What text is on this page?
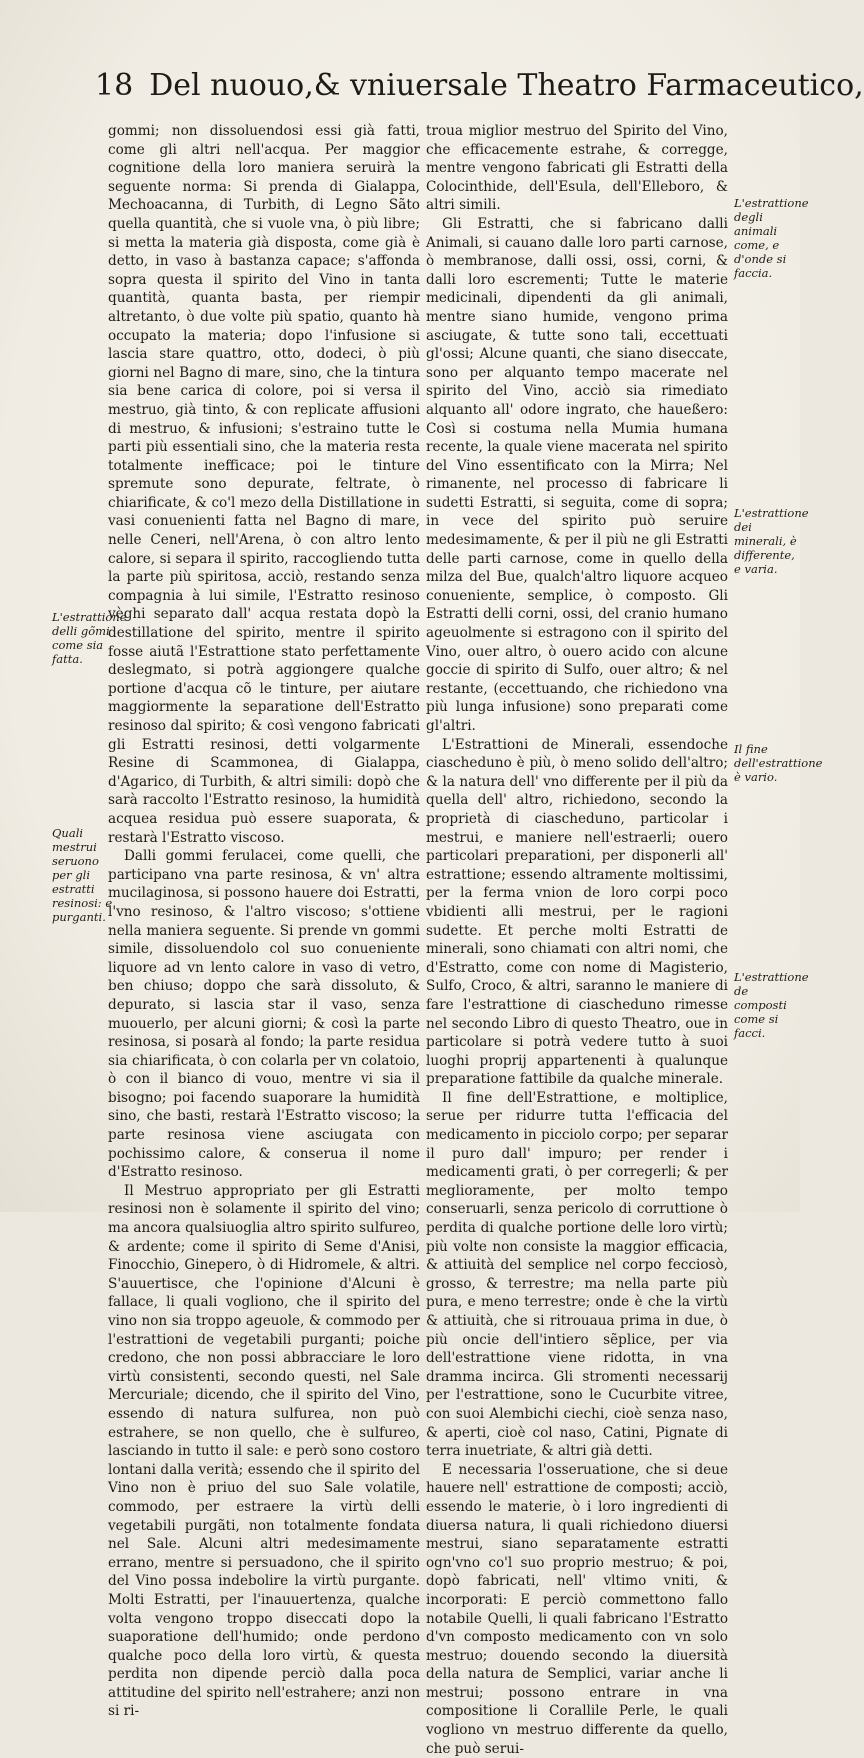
18 Del nuouo,& vniuersale Theatro Farmaceutico,

gommi; non dissoluendosi essi già fatti, come gli altri nell'acqua. Per maggior cognitione della loro maniera seruirà la seguente norma: Si prenda di Gialappa, Mechoacanna, di Turbith, di Legno Sãto quella quantità, che si vuole vna, ò più libre; si metta la materia già disposta, come già è detto, in vaso à bastanza capace; s'affonda sopra questa il spirito del Vino in tanta quantità, quanta basta, per riempir altretanto, ò due volte più spatio, quanto hà occupato la materia; dopo l'infusione si lascia stare quattro, otto, dodeci, ò più giorni nel Bagno di mare, sino, che la tintura sia bene carica di colore, poi si versa il mestruo, già tinto, & con replicate affusioni di mestruo, & infusioni; s'estraino tutte le parti più essentiali sino, che la materia resta totalmente inefficace; poi le tinture spremute sono depurate, feltrate, ò chiarificate, & co'l mezo della Distillatione in vasi conuenienti fatta nel Bagno di mare, nelle Ceneri, nell'Arena, ò con altro lento calore, si separa il spirito, raccogliendo tutta la parte più spiritosa, acciò, restando senza compagnia à lui simile, l'Estratto resinoso vèghi separato dall' acqua restata dopò la destillatione del spirito, mentre il spirito fosse aiutã l'Estrattione stato perfettamente deslegmato, si potrà aggiongere qualche portione d'acqua cõ le tinture, per aiutare maggiormente la separatione dell'Estratto resinoso dal spirito; & così vengono fabricati gli Estratti resinosi, detti volgarmente Resine di Scammonea, di Gialappa, d'Agarico, di Turbith, & altri simili: dopò che sarà raccolto l'Estratto resinoso, la humidità acquea residua può essere suaporata, & restarà l'Estratto viscoso.

Dalli gommi ferulacei, come quelli, che participano vna parte resinosa, & vn' altra mucilaginosa, si possono hauere doi Estratti, l'vno resinoso, & l'altro viscoso; s'ottiene nella maniera seguente. Si prende vn gommi simile, dissoluendolo col suo conueniente liquore ad vn lento calore in vaso di vetro, ben chiuso; doppo che sarà dissoluto, & depurato, si lascia star il vaso, senza muouerlo, per alcuni giorni; & così la parte resinosa, si posarà al fondo; la parte residua sia chiarificata, ò con colarla per vn colatoio, ò con il bianco di vouo, mentre vi sia il bisogno; poi facendo suaporare la humidità sino, che basti, restarà l'Estratto viscoso; la parte resinosa viene asciugata con pochissimo calore, & conserua il nome d'Estratto resinoso.

Il Mestruo appropriato per gli Estratti resinosi non è solamente il spirito del vino; ma ancora qualsiuoglia altro spirito sulfureo, & ardente; come il spirito di Seme d'Anisi, Finocchio, Ginepero, ò di Hidromele, & altri. S'auuertisce, che l'opinione d'Alcuni è fallace, li quali vogliono, che il spirito del vino non sia troppo ageuole, & commodo per l'estrattioni de vegetabili purganti; poiche credono, che non possi abbracciare le loro virtù consistenti, secondo questi, nel Sale Mercuriale; dicendo, che il spirito del Vino, essendo di natura sulfurea, non può estrahere, se non quello, che è sulfureo, lasciando in tutto il sale: e però sono costoro lontani dalla verità; essendo che il spirito del Vino non è priuo del suo Sale volatile, commodo, per estraere la virtù delli vegetabili purgãti, non totalmente fondata nel Sale. Alcuni altri medesimamente errano, mentre si persuadono, che il spirito del Vino possa indebolire la virtù purgante. Molti Estratti, per l'inauuertenza, qualche volta vengono troppo diseccati dopo la suaporatione dell'humido; onde perdono qualche poco della loro virtù, & questa perdita non dipende perciò dalla poca attitudine del spirito nell'estrahere; anzi non si ri-

troua miglior mestruo del Spirito del Vino, che efficacemente estrahe, & corregge, mentre vengono fabricati gli Estratti della Colocinthide, dell'Esula, dell'Elleboro, & altri simili.

Gli Estratti, che si fabricano dalli Animali, si cauano dalle loro parti carnose, ò membranose, dalli ossi, ossi, corni, & dalli loro escrementi; Tutte le materie medicinali, dipendenti da gli animali, mentre siano humide, vengono prima asciugate, & tutte sono tali, eccettuati gl'ossi; Alcune quanti, che siano diseccate, sono per alquanto tempo macerate nel spirito del Vino, acciò sia rimediato alquanto all' odore ingrato, che haueßero: Così si costuma nella Mumia humana recente, la quale viene macerata nel spirito del Vino essentificato con la Mirra; Nel rimanente, nel processo di fabricare li sudetti Estratti, si seguita, come di sopra; in vece del spirito può seruire medesimamente, & per il più ne gli Estratti delle parti carnose, come in quello della milza del Bue, qualch'altro liquore acqueo conueniente, semplice, ò composto. Gli Estratti delli corni, ossi, del cranio humano ageuolmente si estragono con il spirito del Vino, ouer altro, ò ouero acido con alcune goccie di spirito di Sulfo, ouer altro; & nel restante, (eccettuando, che richiedono vna più lunga infusione) sono preparati come gl'altri.

L'Estrattioni de Minerali, essendoche ciascheduno è più, ò meno solido dell'altro; & la natura dell' vno differente per il più da quella dell' altro, richiedono, secondo la proprietà di ciascheduno, particolar i mestrui, e maniere nell'estraerli; ouero particolari preparationi, per disponerli all' estrattione; essendo altramente moltissimi, per la ferma vnion de loro corpi poco vbidienti alli mestrui, per le ragioni sudette. Et perche molti Estratti de minerali, sono chiamati con altri nomi, che d'Estratto, come con nome di Magisterio, Sulfo, Croco, & altri, saranno le maniere di fare l'estrattione di ciascheduno rimesse nel secondo Libro di questo Theatro, oue in particolare si potrà vedere tutto à suoi luoghi proprij appartenenti à qualunque preparatione fattibile da qualche minerale.

Il fine dell'Estrattione, e moltiplice, serue per ridurre tutta l'efficacia del medicamento in picciolo corpo; per separar il puro dall' impuro; per render i medicamenti grati, ò per corregerli; & per meglioramente, per molto tempo conseruarli, senza pericolo di corruttione ò perdita di qualche portione delle loro virtù; più volte non consiste la maggior efficacia, & attiuità del semplice nel corpo fecciosò, grosso, & terrestre; ma nella parte più pura, e meno terrestre; onde è che la virtù & attiuità, che si ritrouaua prima in due, ò più oncie dell'intiero sẽplice, per via dell'estrattione viene ridotta, in vna dramma incirca. Gli stromenti necessarij per l'estrattione, sono le Cucurbite vitree, con suoi Alembichi ciechi, cioè senza naso, & aperti, cioè col naso, Catini, Pignate di terra inuetriate, & altri già detti.

E necessaria l'osseruatione, che si deue hauere nell' estrattione de composti; acciò, essendo le materie, ò i loro ingredienti di diuersa natura, li quali richiedono diuersi mestrui, siano separatamente estratti ogn'vno co'l suo proprio mestruo; & poi, dopò fabricati, nell' vltimo vniti, & incorporati: E perciò commettono fallo notabile Quelli, li quali fabricano l'Estratto d'vn composto medicamento con vn solo mestruo; douendo secondo la diuersità della natura de Semplici, variar anche li mestrui; possono entrare in vna compositione li Corallile Perle, le quali vogliono vn mestruo differente da quello, che può serui-

L'estrattione delli gõmi come sia fatta.
Quali mestrui seruono per gli estratti resinosi: e purganti.
L'estrattione degli animali come, e d'onde si faccia.
L'estrattione dei minerali, è differente, e varia.
Il fine dell'estrattione è vario.
L'estrattione de composti come si facci.
